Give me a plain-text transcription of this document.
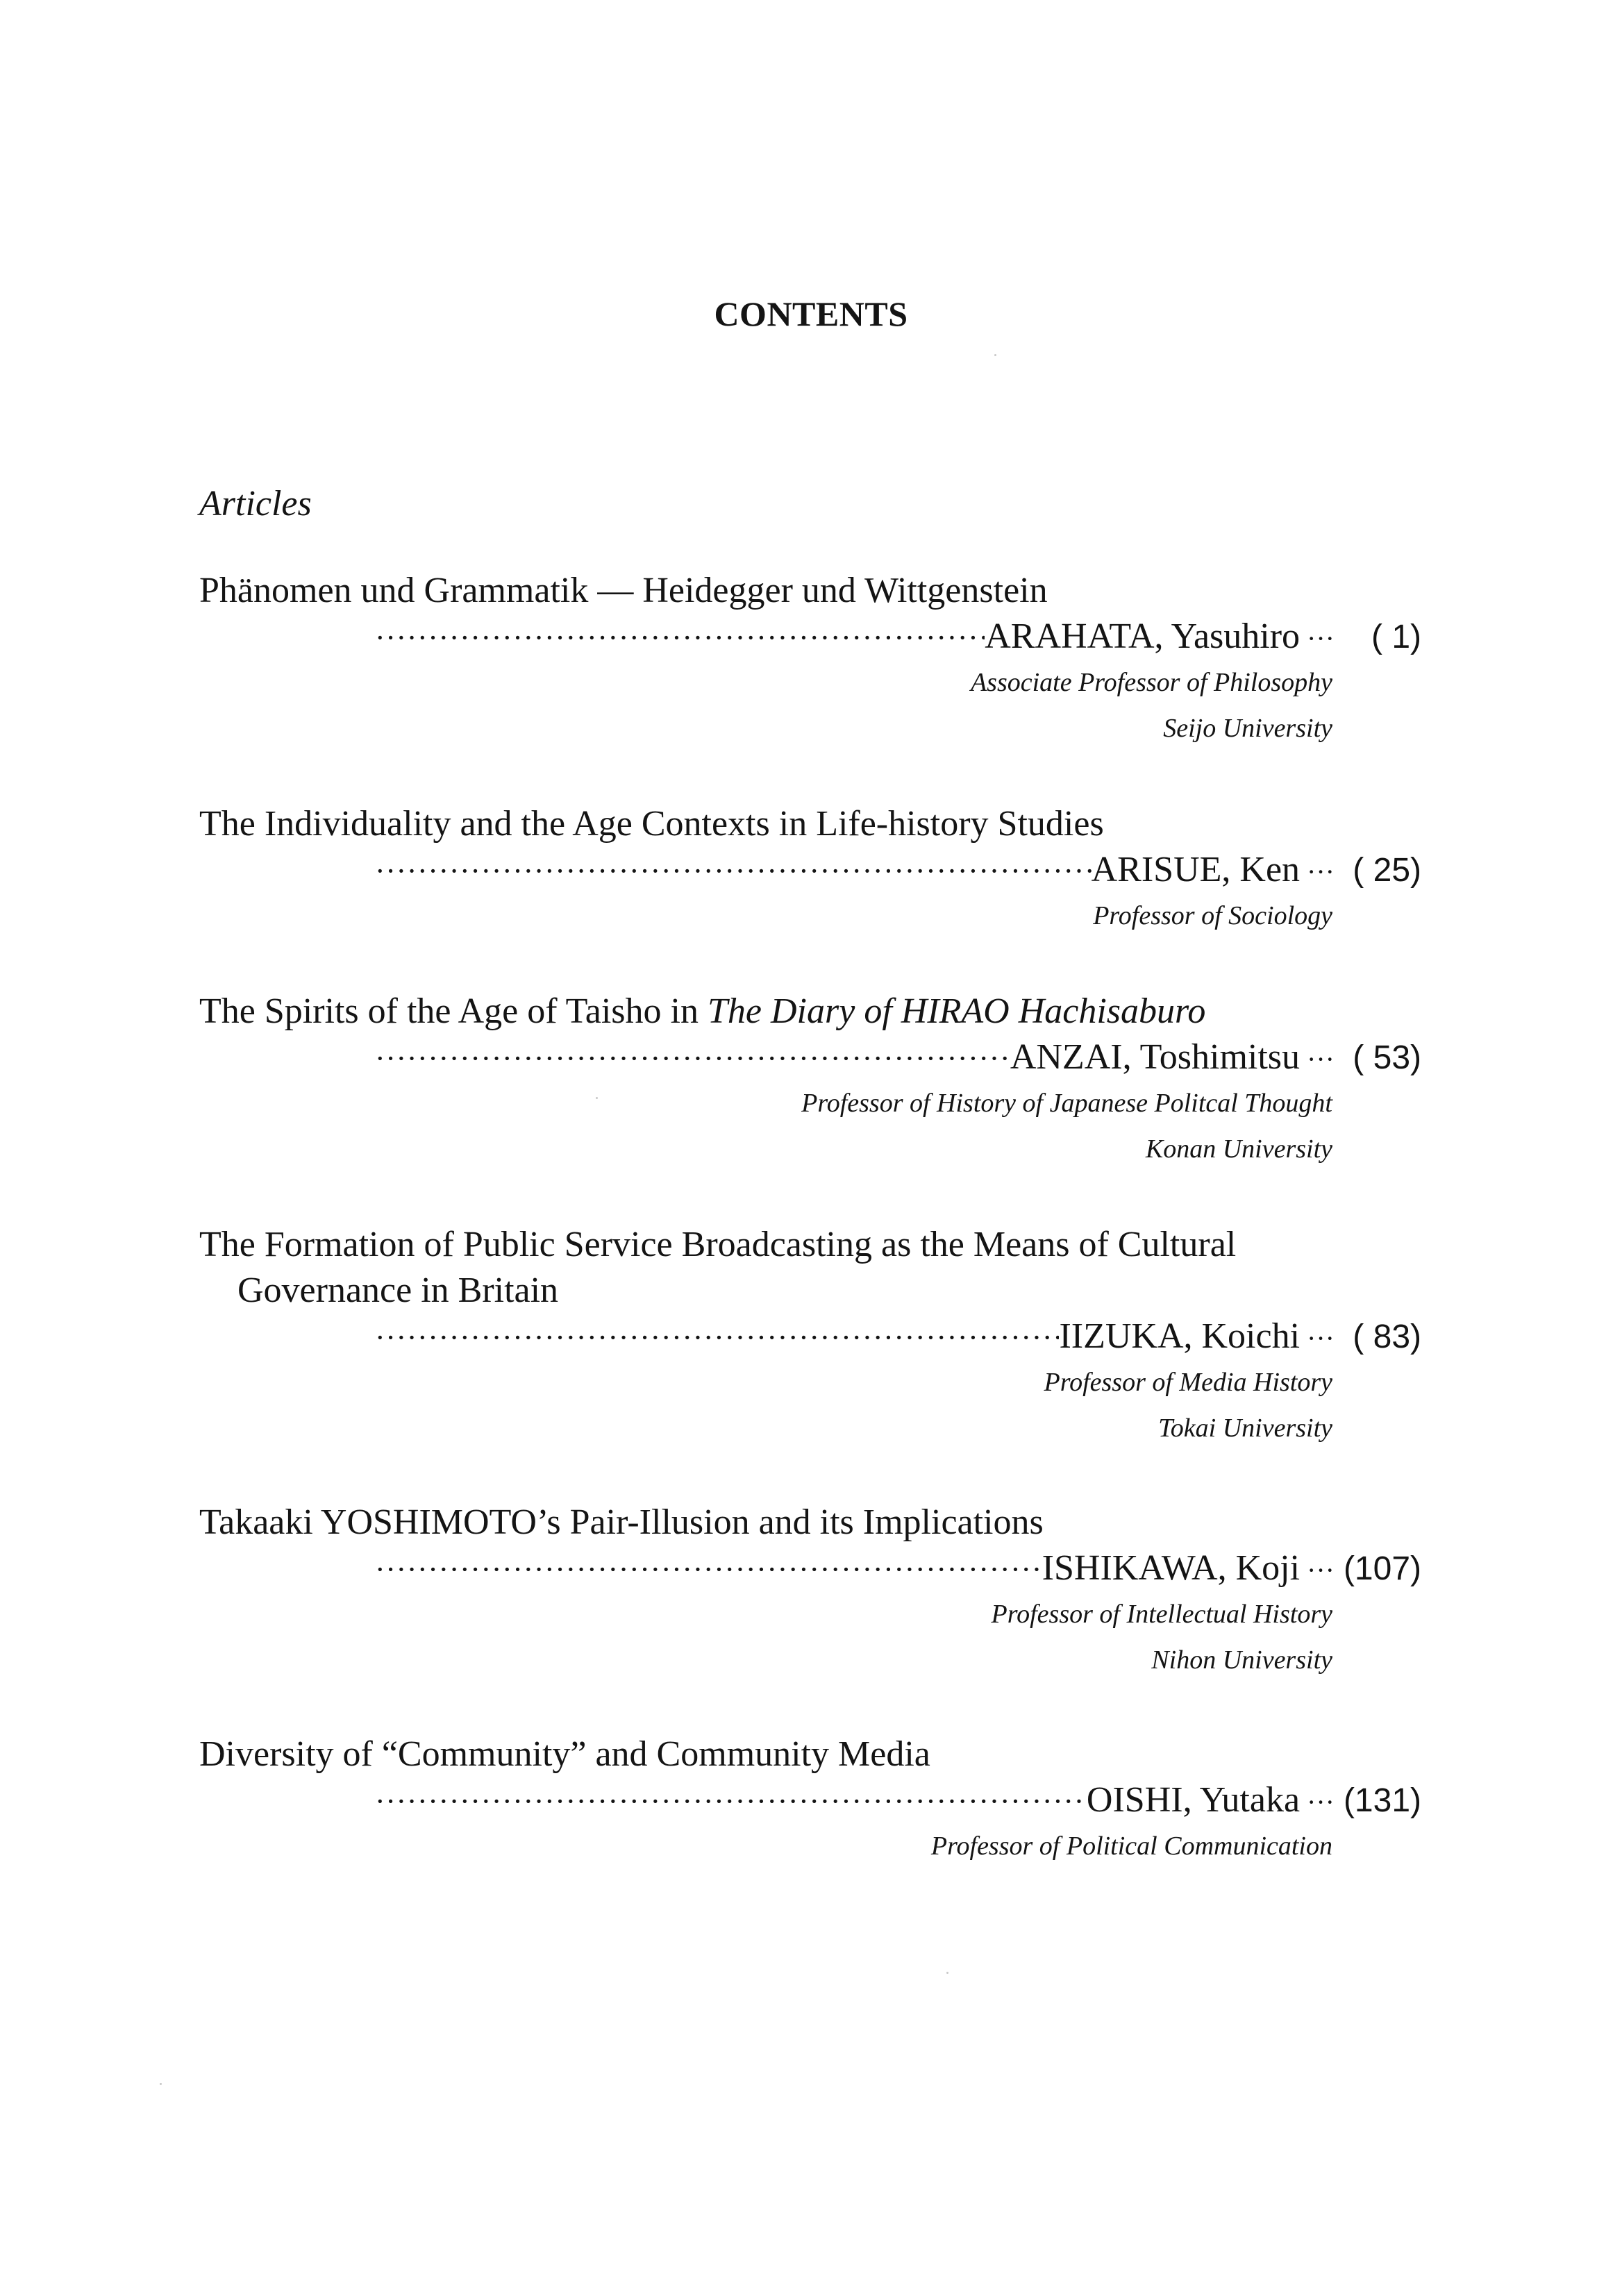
CONTENTS
Articles
Phänomen und Grammatik — Heidegger und Wittgenstein
·····
ARAHATA, Yasuhiro ···	( 1)
Associate Professor of Philosophy
Seijo University
The Individuality and the Age Contexts in Life-history Studies
·····
ARISUE, Ken ··· ( 25)
Professor of Sociology
The Spirits of the Age of Taisho in The Diary of HIRAO Hachisaburo
·····
ANZAI, Toshimitsu ··· ( 53)
Professor of History of Japanese Politcal Thought
Konan University
The Formation of Public Service Broadcasting as the Means of Cultural
Governance in Britain
·····
IIZUKA, Koichi ··· ( 83)
Professor of Media History
Tokai University
Takaaki YOSHIMOTO’s Pair-Illusion and its Implications
·····
ISHIKAWA, Koji ··· (107)
Professor of Intellectual History
Nihon University
Diversity of “Community” and Community Media
·····
OISHI, Yutaka ··· (131)
Professor of Political Communication
